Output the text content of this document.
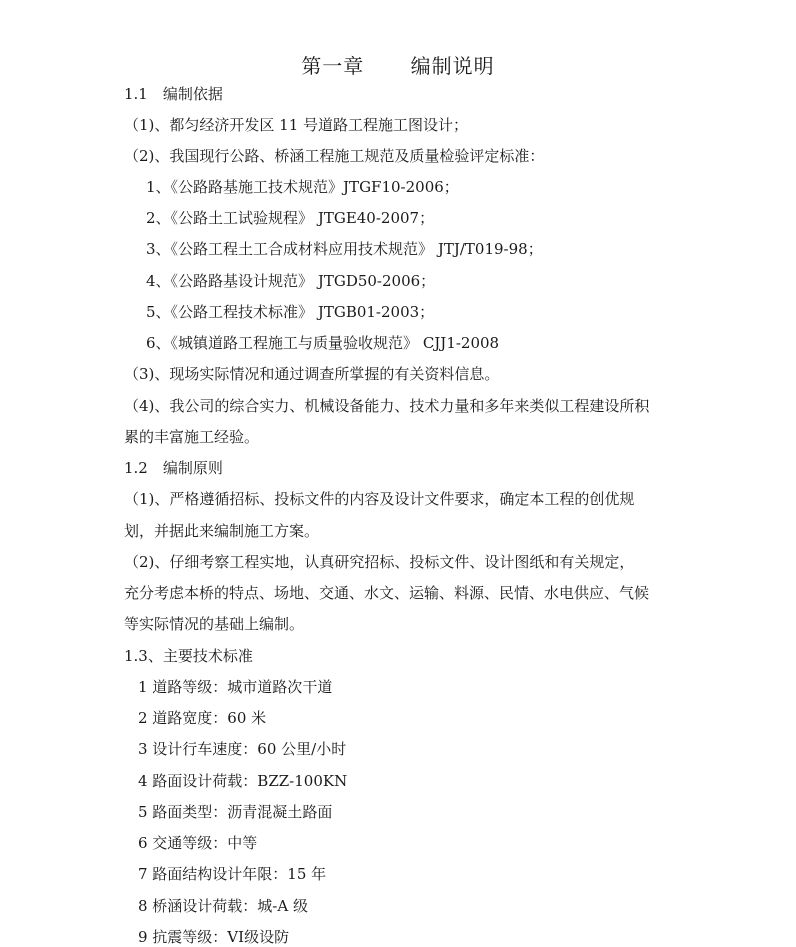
第一章　 编制说明
1.1　编制依据
（1)、都匀经济开发区 11 号道路工程施工图设计；
（2)、我国现行公路、桥涵工程施工规范及质量检验评定标准：
1、《公路路基施工技术规范》JTGF10-2006；
2、《公路土工试验规程》 JTGE40-2007；
3、《公路工程土工合成材料应用技术规范》 JTJ/T019-98；
4、《公路路基设计规范》 JTGD50-2006；
5、《公路工程技术标准》 JTGB01-2003；
6、《城镇道路工程施工与质量验收规范》 CJJ1-2008
（3)、现场实际情况和通过调查所掌握的有关资料信息。
（4)、我公司的综合实力、机械设备能力、技术力量和多年来类似工程建设所积
累的丰富施工经验。
1.2　编制原则
（1)、严格遵循招标、投标文件的内容及设计文件要求，确定本工程的创优规
划，并据此来编制施工方案。
（2)、仔细考察工程实地，认真研究招标、投标文件、设计图纸和有关规定，
充分考虑本桥的特点、场地、交通、水文、运输、料源、民情、水电供应、气候
等实际情况的基础上编制。
1.3、主要技术标准
1 道路等级：城市道路次干道
2 道路宽度：60 米
3 设计行车速度：60 公里/小时
4 路面设计荷载：BZZ-100KN
5 路面类型：沥青混凝土路面
6 交通等级：中等
7 路面结构设计年限：15 年
8 桥涵设计荷载：城-A 级
9 抗震等级：VI级设防
